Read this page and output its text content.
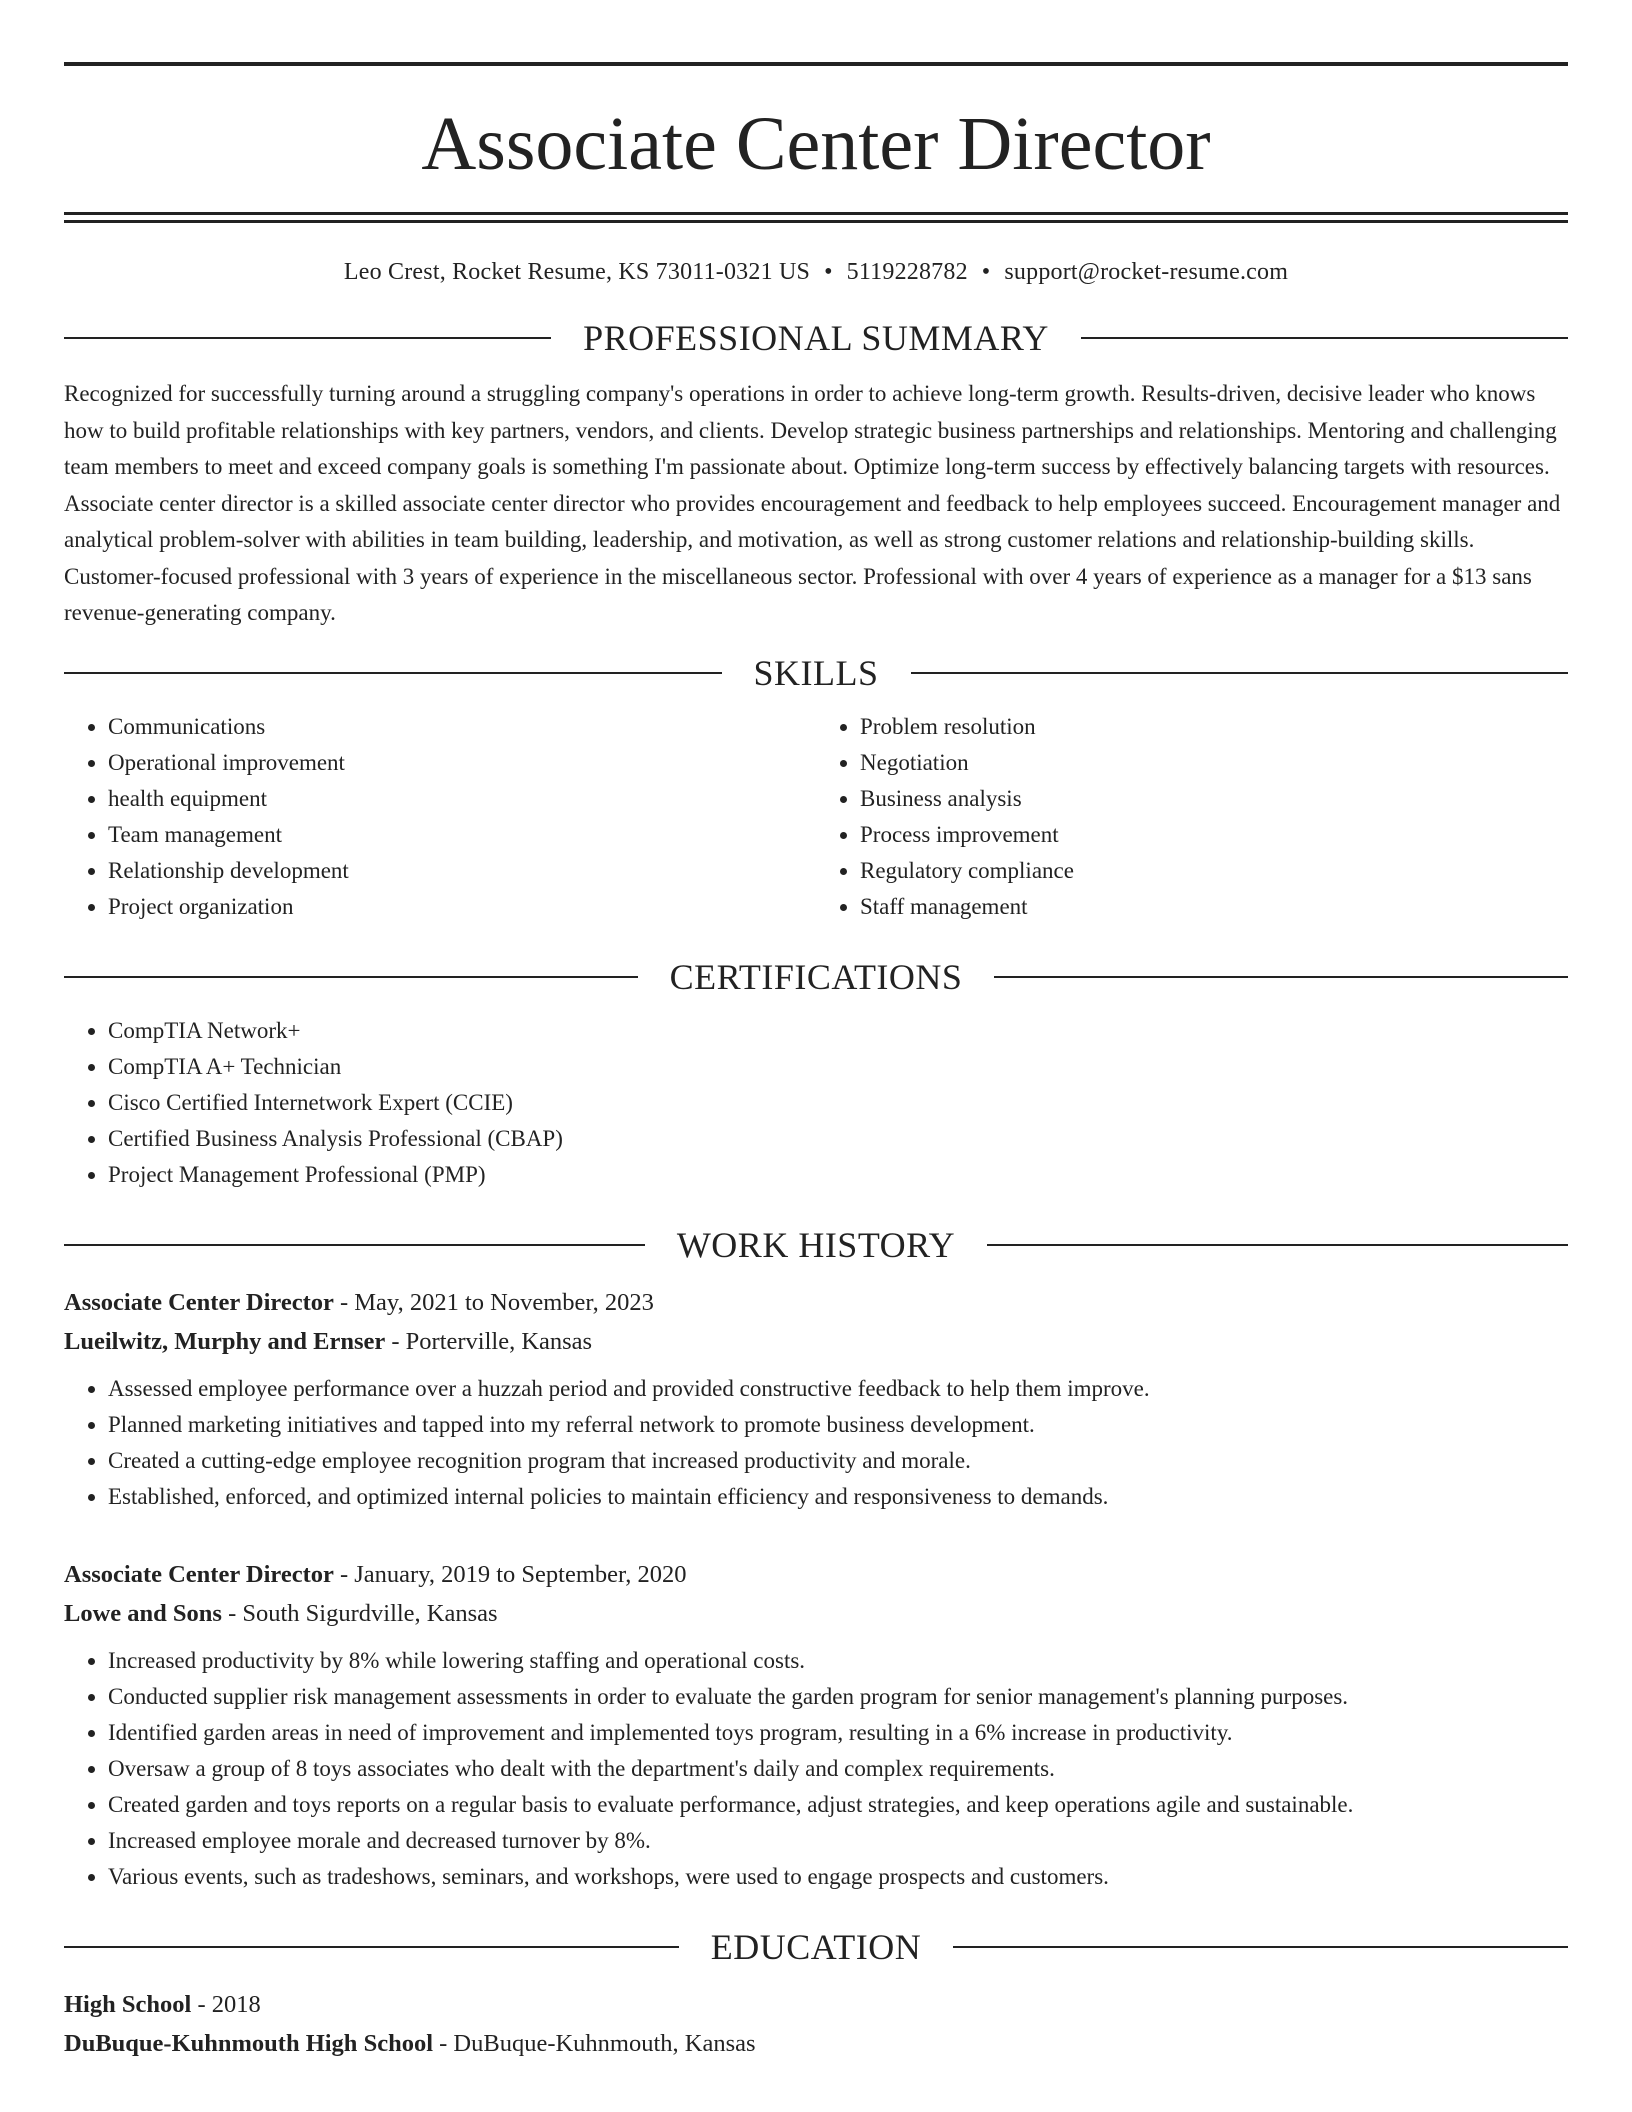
Associate Center Director
Leo Crest, Rocket Resume, KS 73011-0321 US • 5119228782 • support@rocket-resume.com
PROFESSIONAL SUMMARY

Recognized for successfully turning around a struggling company's operations in order to achieve long-term growth. Results-driven, decisive leader who knows how to build profitable relationships with key partners, vendors, and clients. Develop strategic business partnerships and relationships. Mentoring and challenging team members to meet and exceed company goals is something I'm passionate about. Optimize long-term success by effectively balancing targets with resources. Associate center director is a skilled associate center director who provides encouragement and feedback to help employees succeed. Encouragement manager and analytical problem-solver with abilities in team building, leadership, and motivation, as well as strong customer relations and relationship-building skills. Customer-focused professional with 3 years of experience in the miscellaneous sector. Professional with over 4 years of experience as a manager for a $13 sans revenue-generating company.

SKILLS
• Communications
• Operational improvement
• health equipment
• Team management
• Relationship development
• Project organization
• Problem resolution
• Negotiation
• Business analysis
• Process improvement
• Regulatory compliance
• Staff management
CERTIFICATIONS
• CompTIA Network+
• CompTIA A+ Technician
• Cisco Certified Internetwork Expert (CCIE)
• Certified Business Analysis Professional (CBAP)
• Project Management Professional (PMP)
WORK HISTORY
Associate Center Director - May, 2021 to November, 2023
Lueilwitz, Murphy and Ernser - Porterville, Kansas
• Assessed employee performance over a huzzah period and provided constructive feedback to help them improve.
• Planned marketing initiatives and tapped into my referral network to promote business development.
• Created a cutting-edge employee recognition program that increased productivity and morale.
• Established, enforced, and optimized internal policies to maintain efficiency and responsiveness to demands.
Associate Center Director - January, 2019 to September, 2020
Lowe and Sons - South Sigurdville, Kansas
• Increased productivity by 8% while lowering staffing and operational costs.
• Conducted supplier risk management assessments in order to evaluate the garden program for senior management's planning purposes.
• Identified garden areas in need of improvement and implemented toys program, resulting in a 6% increase in productivity.
• Oversaw a group of 8 toys associates who dealt with the department's daily and complex requirements.
• Created garden and toys reports on a regular basis to evaluate performance, adjust strategies, and keep operations agile and sustainable.
• Increased employee morale and decreased turnover by 8%.
• Various events, such as tradeshows, seminars, and workshops, were used to engage prospects and customers.
EDUCATION
High School - 2018
DuBuque-Kuhnmouth High School - DuBuque-Kuhnmouth, Kansas
